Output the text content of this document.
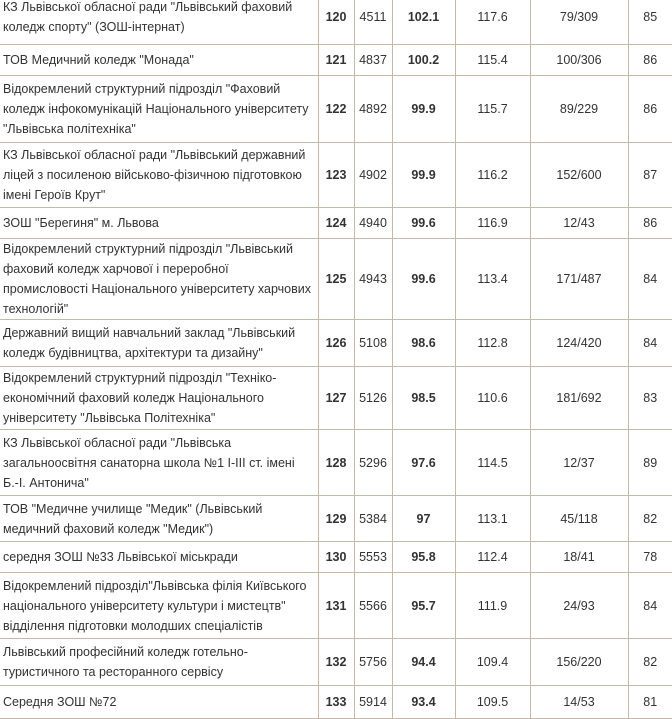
КЗ Львівської обласної ради "Львівський фаховий коледж спорту" (ЗОШ-інтернат)	120	4511	102.1	117.6	79/309	85
ТОВ Медичний коледж "Монада"	121	4837	100.2	115.4	100/306	86
Відокремлений структурний підрозділ "Фаховий коледж інфокомунікацій Національного університету "Львівська політехніка"	122	4892	99.9	115.7	89/229	86
КЗ Львівської обласної ради "Львівський державний ліцей з посиленою військово-фізичною підготовкою імені Героїв Крут"	123	4902	99.9	116.2	152/600	87
ЗОШ "Берегиня" м. Львова	124	4940	99.6	116.9	12/43	86
Відокремлений структурний підрозділ "Львівський фаховий коледж харчової і переробної промисловості Національного університету харчових технологій"	125	4943	99.6	113.4	171/487	84
Державний вищий навчальний заклад "Львівський коледж будівництва, архітектури та дизайну"	126	5108	98.6	112.8	124/420	84
Відокремлений структурний підрозділ "Техніко-економічний фаховий коледж Національного університету "Львівська Політехніка"	127	5126	98.5	110.6	181/692	83
КЗ Львівської обласної ради "Львівська загальноосвітня санаторна школа №1 І-ІІІ ст. імені Б.-І. Антонича"	128	5296	97.6	114.5	12/37	89
ТОВ "Медичне училище "Медик" (Львівський медичний фаховий коледж "Медик")	129	5384	97	113.1	45/118	82
середня ЗОШ №33 Львівської міськради	130	5553	95.8	112.4	18/41	78
Відокремлений підрозділ"Львівська філія Київського національного університету культури і мистецтв" відділення підготовки молодших спеціалістів	131	5566	95.7	111.9	24/93	84
Львівський професійний коледж готельно-туристичного та ресторанного сервісу	132	5756	94.4	109.4	156/220	82
Середня ЗОШ №72	133	5914	93.4	109.5	14/53	81
